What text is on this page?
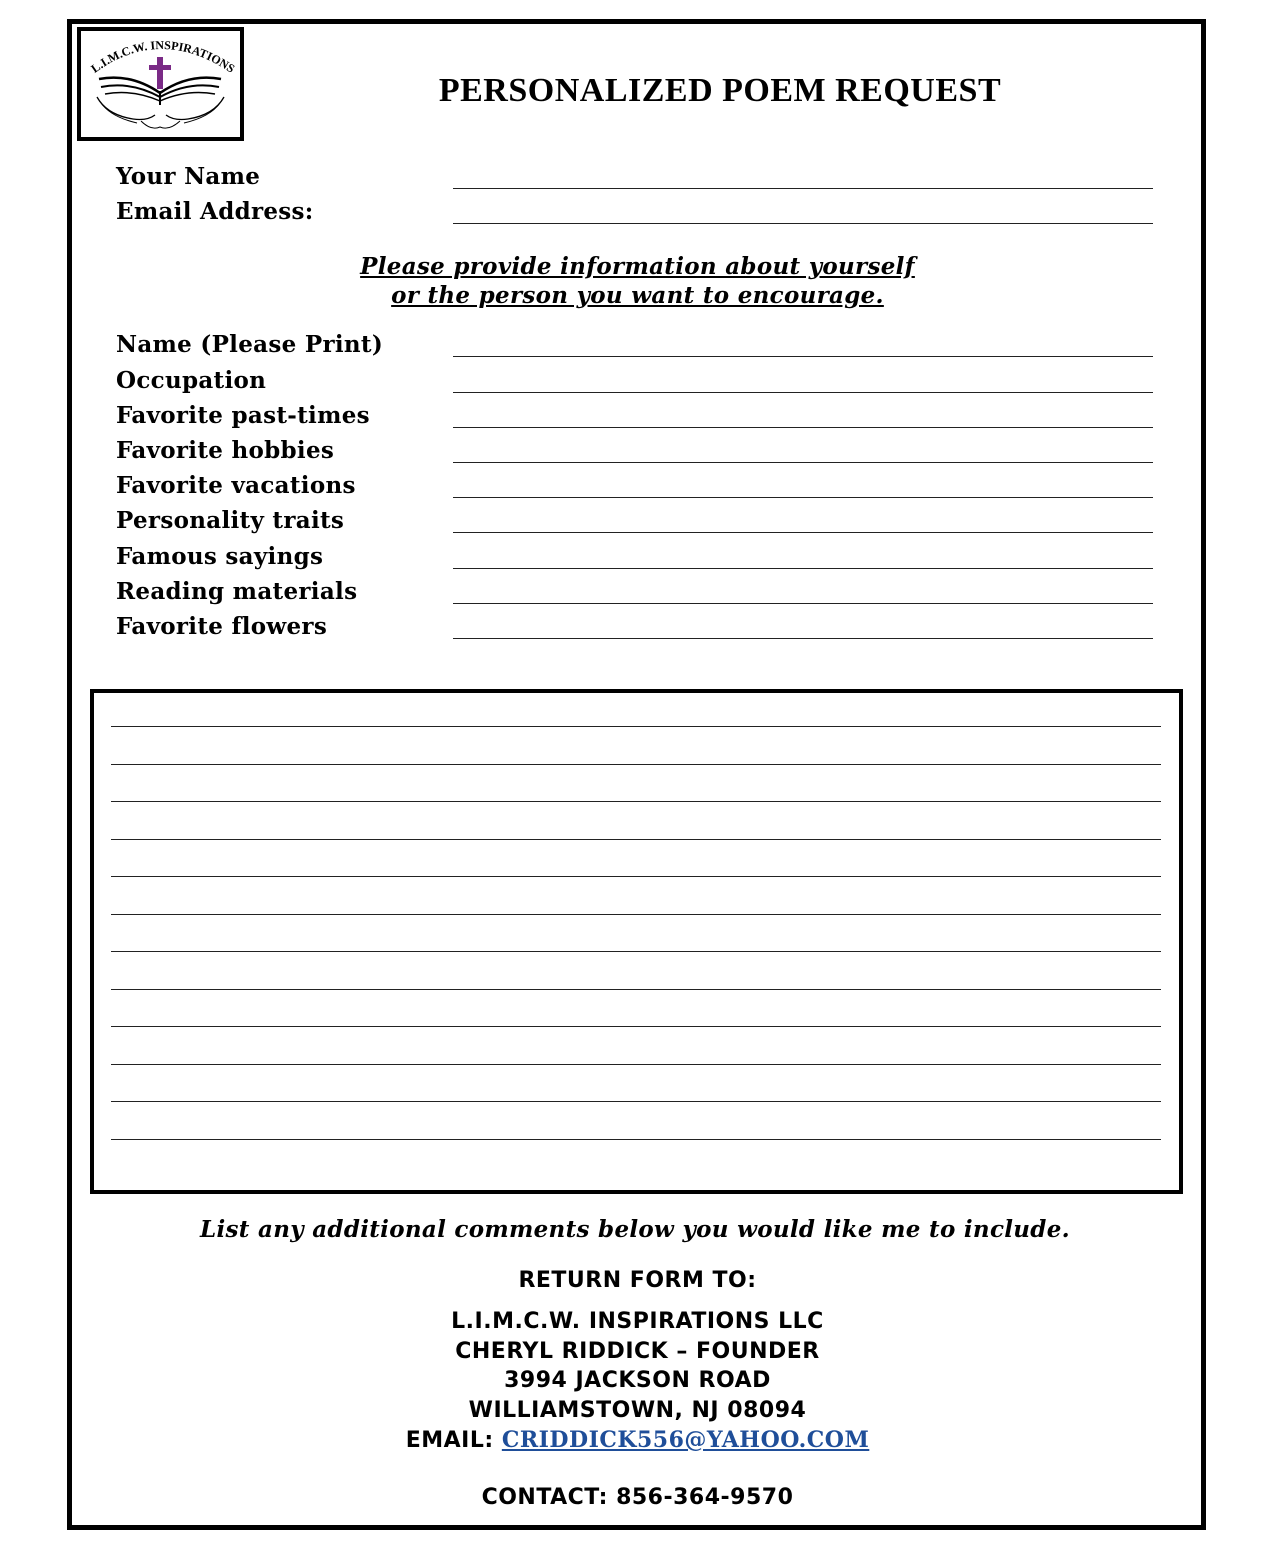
L.I.M.C.W. INSPIRATIONS
PERSONALIZED POEM REQUEST
Your Name
Email Address:
Please provide information about yourself
or the person you want to encourage.
Name (Please Print)
Occupation
Favorite past-times
Favorite hobbies
Favorite vacations
Personality traits
Famous sayings
Reading materials
Favorite flowers
List any additional comments below you would like me to include.
RETURN FORM TO:
L.I.M.C.W. INSPIRATIONS LLC
CHERYL RIDDICK – FOUNDER
3994 JACKSON ROAD
WILLIAMSTOWN, NJ 08094
EMAIL: CRIDDICK556@YAHOO.COM
CONTACT: 856-364-9570
